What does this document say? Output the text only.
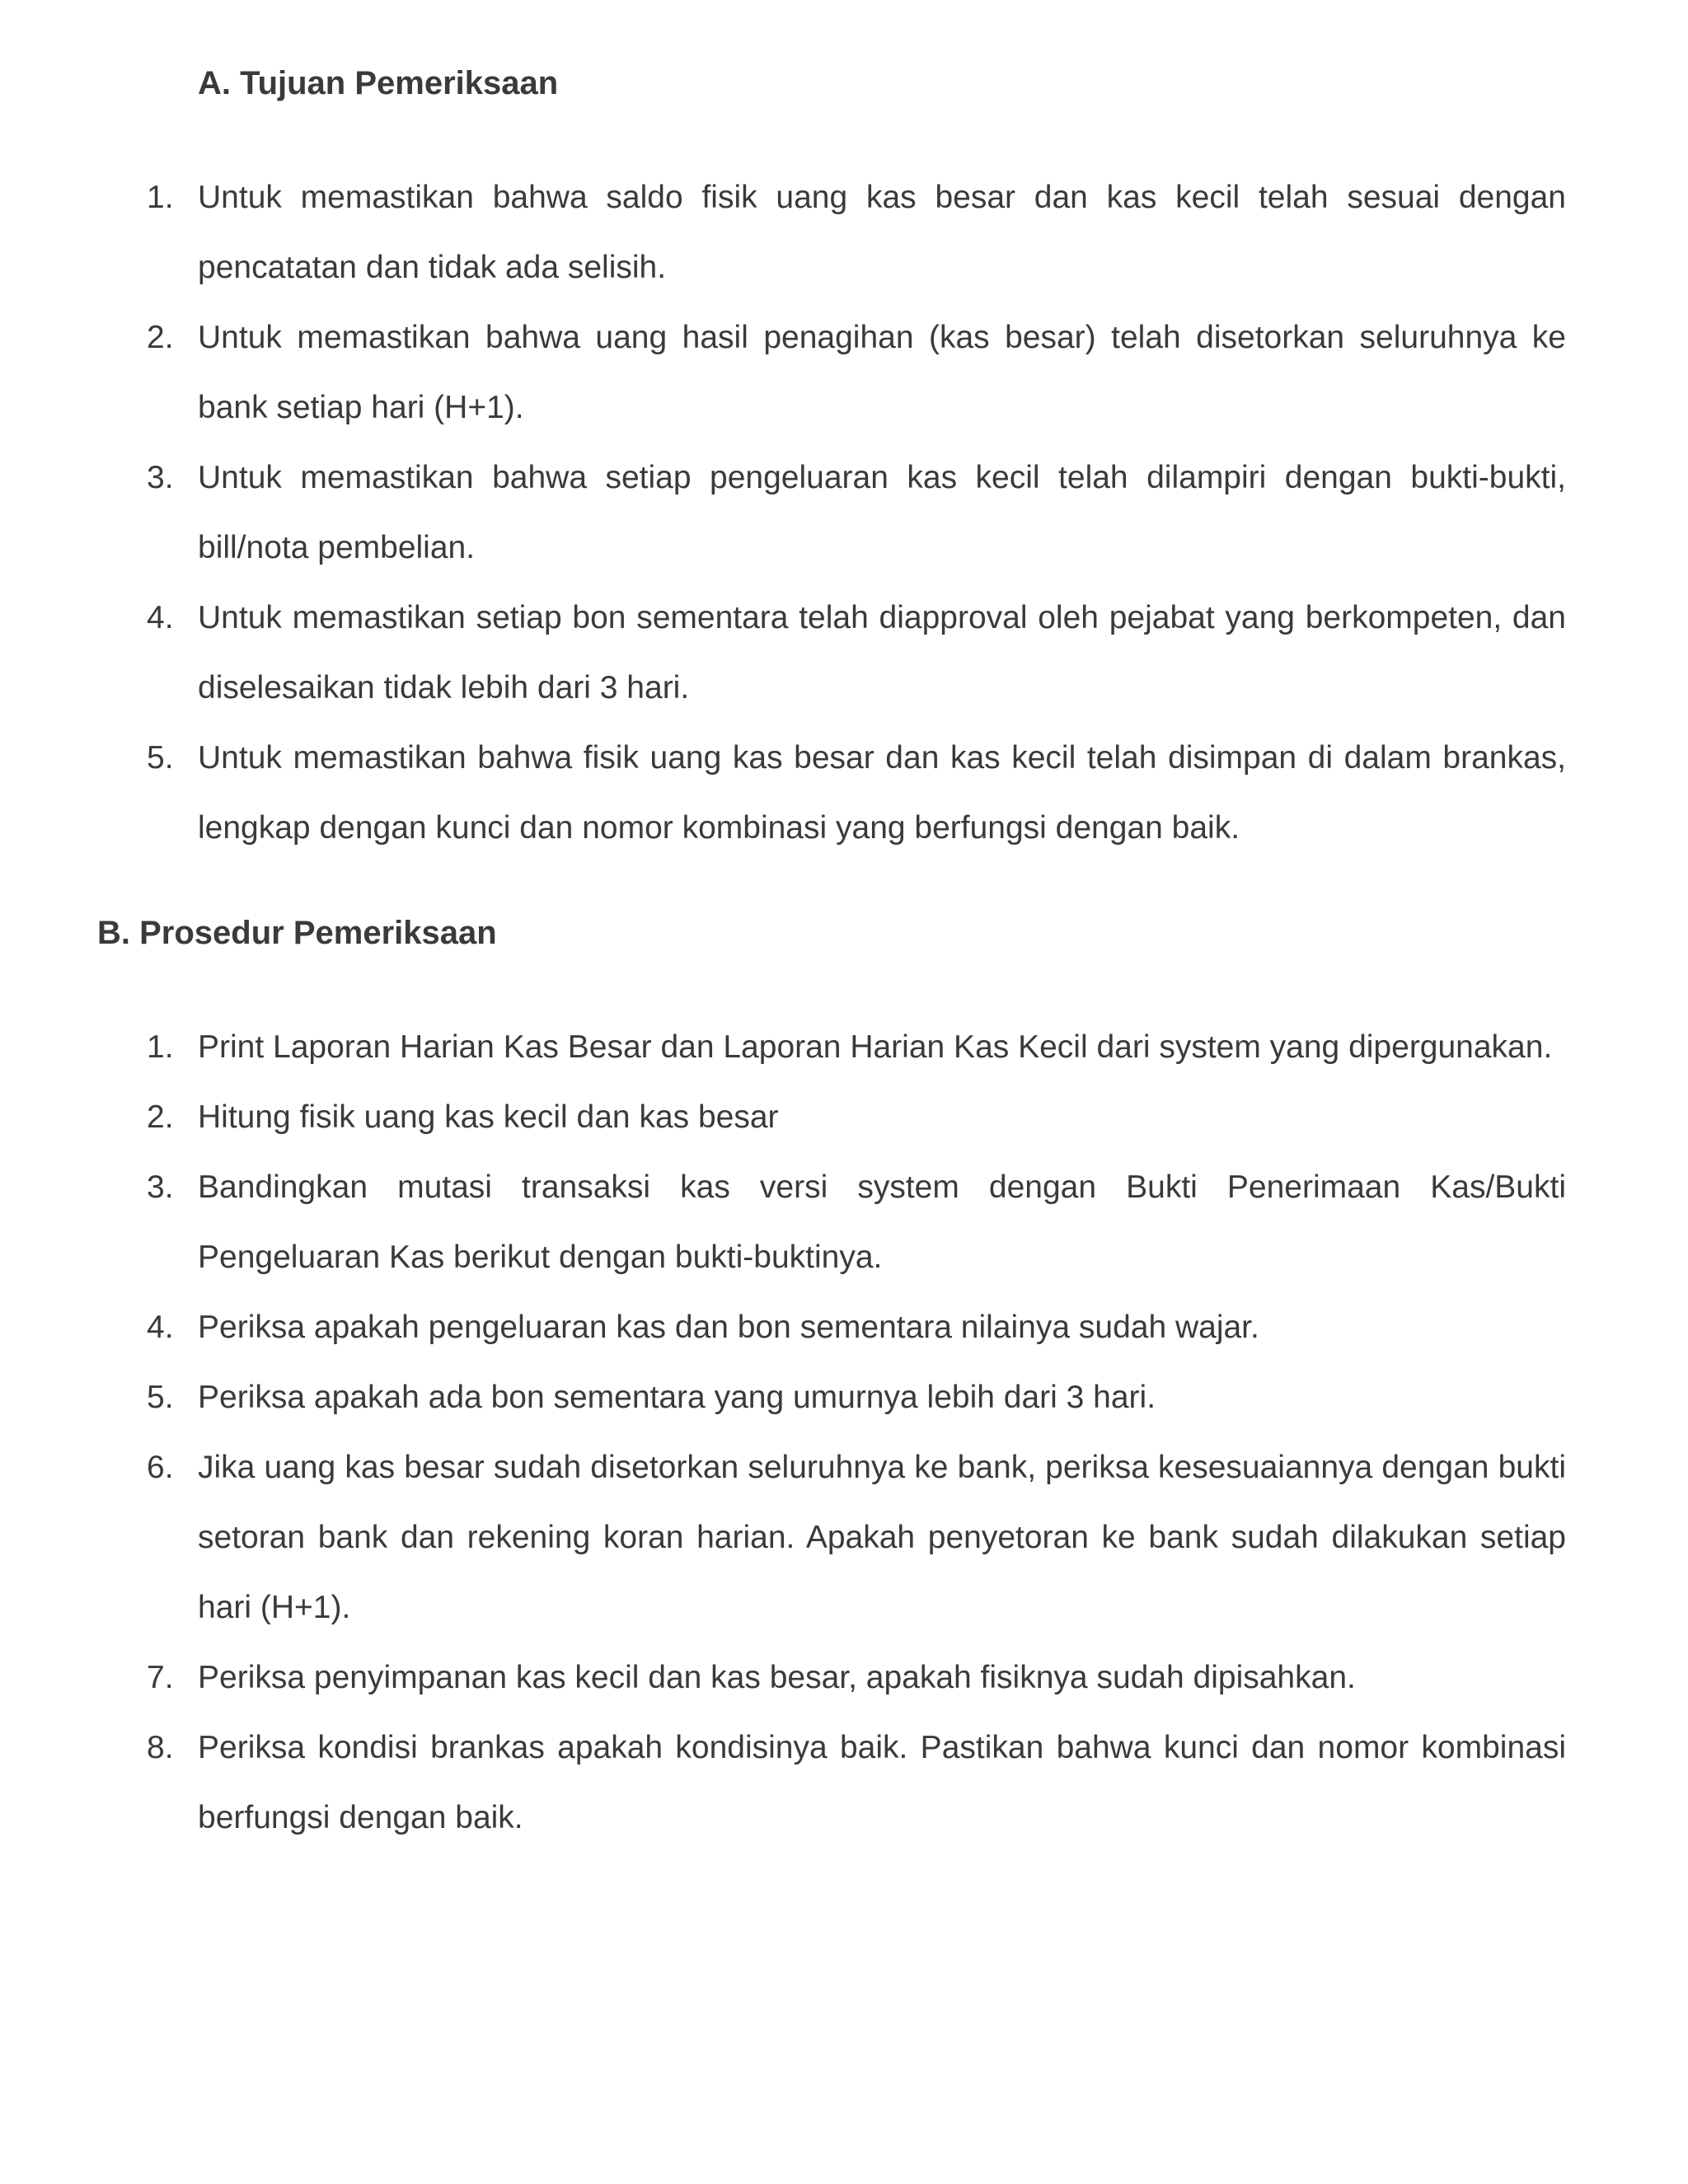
A. Tujuan Pemeriksaan
1. Untuk memastikan bahwa saldo fisik uang kas besar dan kas kecil telah sesuai dengan pencatatan dan tidak ada selisih.
2. Untuk memastikan bahwa uang hasil penagihan (kas besar) telah disetorkan seluruhnya ke bank setiap hari (H+1).
3. Untuk memastikan bahwa setiap pengeluaran kas kecil telah dilampiri dengan bukti-bukti, bill/nota pembelian.
4. Untuk memastikan setiap bon sementara telah diapproval oleh pejabat yang berkompeten, dan diselesaikan tidak lebih dari 3 hari.
5. Untuk memastikan bahwa fisik uang kas besar dan kas kecil telah disimpan di dalam brankas, lengkap dengan kunci dan nomor kombinasi yang berfungsi dengan baik.
B. Prosedur Pemeriksaan
1. Print Laporan Harian Kas Besar dan Laporan Harian Kas Kecil dari system yang dipergunakan.
2. Hitung fisik uang kas kecil dan kas besar
3. Bandingkan mutasi transaksi kas versi system dengan Bukti Penerimaan Kas/Bukti Pengeluaran Kas berikut dengan bukti-buktinya.
4. Periksa apakah pengeluaran kas dan bon sementara nilainya sudah wajar.
5. Periksa apakah ada bon sementara yang umurnya lebih dari 3 hari.
6. Jika uang kas besar sudah disetorkan seluruhnya ke bank, periksa kesesuaiannya dengan bukti setoran bank dan rekening koran harian. Apakah penyetoran ke bank sudah dilakukan setiap hari (H+1).
7. Periksa penyimpanan kas kecil dan kas besar, apakah fisiknya sudah dipisahkan.
8. Periksa kondisi brankas apakah kondisinya baik. Pastikan bahwa kunci dan nomor kombinasi berfungsi dengan baik.
